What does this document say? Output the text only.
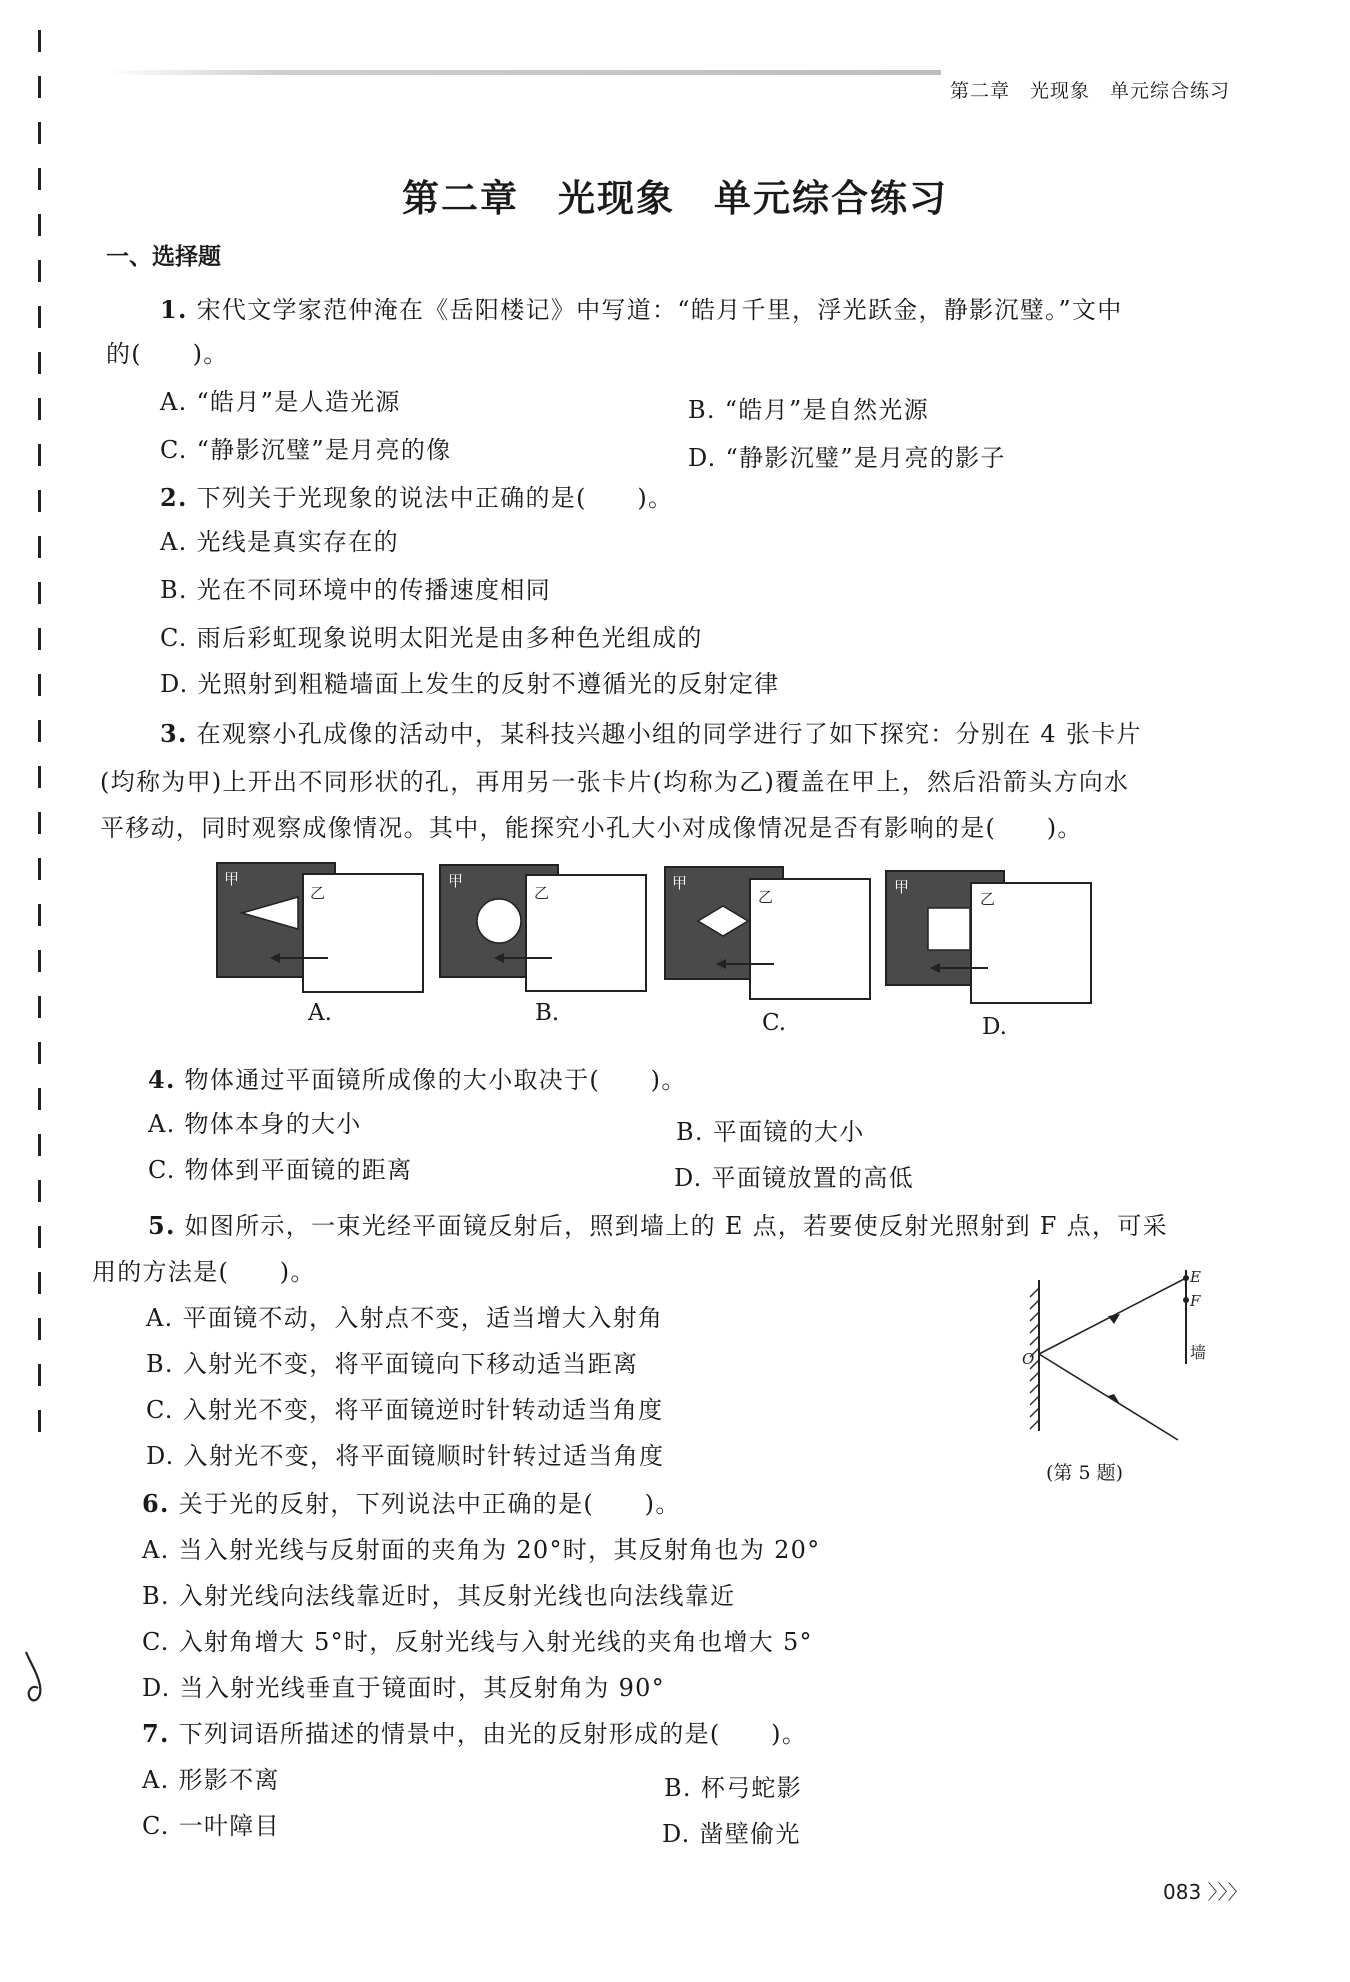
第二章　光现象　单元综合练习
第二章　光现象　单元综合练习
一、选择题
1. 宋代文学家范仲淹在《岳阳楼记》中写道：“皓月千里，浮光跃金，静影沉璧。”文中
的(　　)。
A. “皓月”是人造光源	B. “皓月”是自然光源
C. “静影沉璧”是月亮的像	D. “静影沉璧”是月亮的影子
2. 下列关于光现象的说法中正确的是(　　)。
A. 光线是真实存在的
B. 光在不同环境中的传播速度相同
C. 雨后彩虹现象说明太阳光是由多种色光组成的
D. 光照射到粗糙墙面上发生的反射不遵循光的反射定律
3. 在观察小孔成像的活动中，某科技兴趣小组的同学进行了如下探究：分别在 4 张卡片
(均称为甲)上开出不同形状的孔，再用另一张卡片(均称为乙)覆盖在甲上，然后沿箭头方向水
平移动，同时观察成像情况。其中，能探究小孔大小对成像情况是否有影响的是(　　)。
甲
乙
A.
甲
乙
B.
甲
乙
C.
甲
乙
D.
4. 物体通过平面镜所成像的大小取决于(　　)。
A. 物体本身的大小	B. 平面镜的大小
C. 物体到平面镜的距离	D. 平面镜放置的高低
5. 如图所示，一束光经平面镜反射后，照到墙上的 E 点，若要使反射光照射到 F 点，可采
用的方法是(　　)。
A. 平面镜不动，入射点不变，适当增大入射角
B. 入射光不变，将平面镜向下移动适当距离
C. 入射光不变，将平面镜逆时针转动适当角度
D. 入射光不变，将平面镜顺时针转过适当角度
E
F
O	墙
(第 5 题)
6. 关于光的反射，下列说法中正确的是(　　)。
A. 当入射光线与反射面的夹角为 20°时，其反射角也为 20°
B. 入射光线向法线靠近时，其反射光线也向法线靠近
C. 入射角增大 5°时，反射光线与入射光线的夹角也增大 5°
D. 当入射光线垂直于镜面时，其反射角为 90°
7. 下列词语所描述的情景中，由光的反射形成的是(　　)。
A. 形影不离	B. 杯弓蛇影
C. 一叶障目	D. 凿壁偷光
083 〉〉〉
